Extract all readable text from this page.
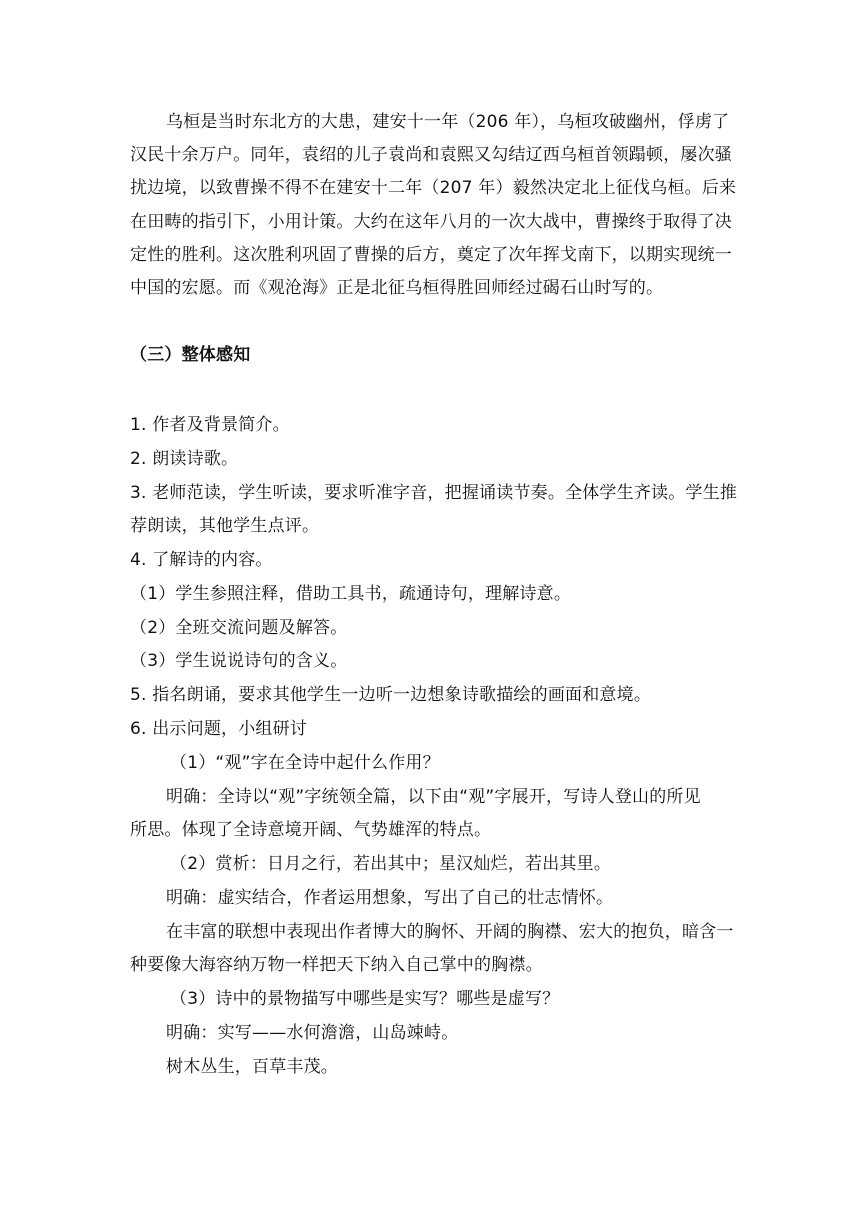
乌桓是当时东北方的大患，建安十一年（206 年），乌桓攻破幽州，俘虏了
汉民十余万户。同年，袁绍的儿子袁尚和袁熙又勾结辽西乌桓首领蹋顿，屡次骚
扰边境，以致曹操不得不在建安十二年（207 年）毅然决定北上征伐乌桓。后来
在田畴的指引下，小用计策。大约在这年八月的一次大战中，曹操终于取得了决
定性的胜利。这次胜利巩固了曹操的后方，奠定了次年挥戈南下，以期实现统一
中国的宏愿。而《观沧海》正是北征乌桓得胜回师经过碣石山时写的。
（三）整体感知
1. 作者及背景简介。
2. 朗读诗歌。
3. 老师范读，学生听读，要求听准字音，把握诵读节奏。全体学生齐读。学生推
荐朗读，其他学生点评。
4. 了解诗的内容。
（1）学生参照注释，借助工具书，疏通诗句，理解诗意。
（2）全班交流问题及解答。
（3）学生说说诗句的含义。
5. 指名朗诵，要求其他学生一边听一边想象诗歌描绘的画面和意境。
6. 出示问题，小组研讨
（1）“观”字在全诗中起什么作用？
明确：全诗以“观”字统领全篇，以下由“观”字展开，写诗人登山的所见
所思。体现了全诗意境开阔、气势雄浑的特点。
（2）赏析：日月之行，若出其中；星汉灿烂，若出其里。
明确：虚实结合，作者运用想象，写出了自己的壮志情怀。
在丰富的联想中表现出作者博大的胸怀、开阔的胸襟、宏大的抱负，暗含一
种要像大海容纳万物一样把天下纳入自己掌中的胸襟。
（3）诗中的景物描写中哪些是实写？哪些是虚写？
明确：实写——水何澹澹，山岛竦峙。
树木丛生，百草丰茂。
